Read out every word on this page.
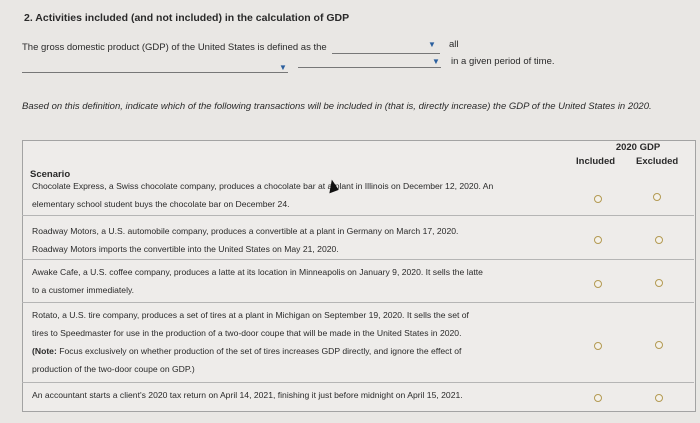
2. Activities included (and not included) in the calculation of GDP
The gross domestic product (GDP) of the United States is defined as the	▼ all
▼
▼ in a given period of time.
Based on this definition, indicate which of the following transactions will be included in (that is, directly increase) the GDP of the United States in 2020.
2020 GDP
Included Excluded
Scenario
Chocolate Express, a Swiss chocolate company, produces a chocolate bar at a plant in Illinois on December 12, 2020. An
elementary school student buys the chocolate bar on December 24.
Roadway Motors, a U.S. automobile company, produces a convertible at a plant in Germany on March 17, 2020.
Roadway Motors imports the convertible into the United States on May 21, 2020.
Awake Cafe, a U.S. coffee company, produces a latte at its location in Minneapolis on January 9, 2020. It sells the latte
to a customer immediately.
Rotato, a U.S. tire company, produces a set of tires at a plant in Michigan on September 19, 2020. It sells the set of
tires to Speedmaster for use in the production of a two-door coupe that will be made in the United States in 2020.
(Note: Focus exclusively on whether production of the set of tires increases GDP directly, and ignore the effect of
production of the two-door coupe on GDP.)
An accountant starts a client's 2020 tax return on April 14, 2021, finishing it just before midnight on April 15, 2021.
